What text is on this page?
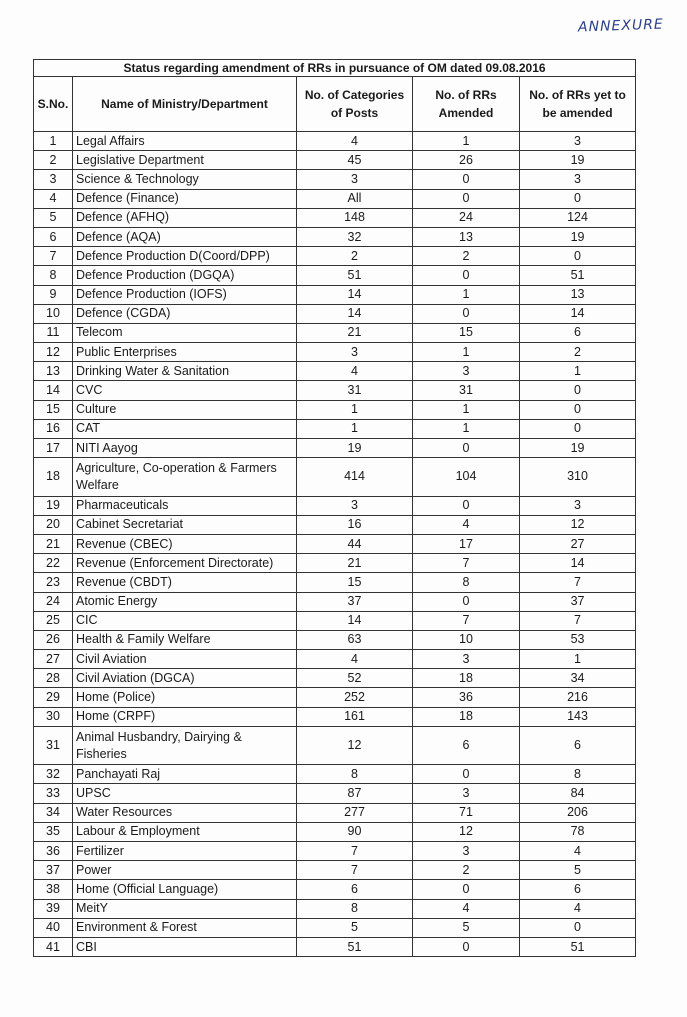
ANNEXURE
Status regarding amendment of RRs in pursuance of OM dated 09.08.2016				
S.No.	Name of Ministry/Department	No. of Categories of Posts	No. of RRs Amended	No. of RRs yet to be amended
1	Legal Affairs	4	1	3
2	Legislative Department	45	26	19
3	Science & Technology	3	0	3
4	Defence (Finance)	All	0	0
5	Defence (AFHQ)	148	24	124
6	Defence (AQA)	32	13	19
7	Defence Production D(Coord/DPP)	2	2	0
8	Defence Production (DGQA)	51	0	51
9	Defence Production (IOFS)	14	1	13
10	Defence (CGDA)	14	0	14
11	Telecom	21	15	6
12	Public Enterprises	3	1	2
13	Drinking Water & Sanitation	4	3	1
14	CVC	31	31	0
15	Culture	1	1	0
16	CAT	1	1	0
17	NITI Aayog	19	0	19
18	Agriculture, Co-operation & Farmers Welfare	414	104	310
19	Pharmaceuticals	3	0	3
20	Cabinet Secretariat	16	4	12
21	Revenue (CBEC)	44	17	27
22	Revenue (Enforcement Directorate)	21	7	14
23	Revenue (CBDT)	15	8	7
24	Atomic Energy	37	0	37
25	CIC	14	7	7
26	Health & Family Welfare	63	10	53
27	Civil Aviation	4	3	1
28	Civil Aviation (DGCA)	52	18	34
29	Home (Police)	252	36	216
30	Home (CRPF)	161	18	143
31	Animal Husbandry, Dairying & Fisheries	12	6	6
32	Panchayati Raj	8	0	8
33	UPSC	87	3	84
34	Water Resources	277	71	206
35	Labour & Employment	90	12	78
36	Fertilizer	7	3	4
37	Power	7	2	5
38	Home (Official Language)	6	0	6
39	MeitY	8	4	4
40	Environment & Forest	5	5	0
41	CBI	51	0	51
